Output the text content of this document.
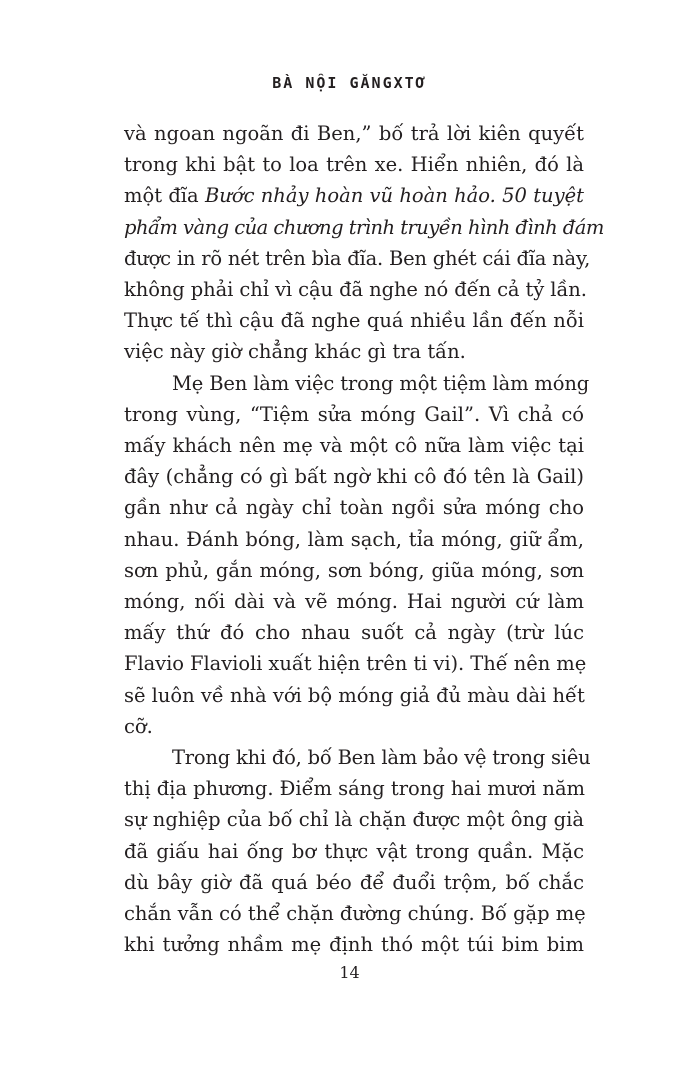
BÀ NỘI GĂNGXTƠ
và ngoan ngoãn đi Ben,” bố trả lời kiên quyết
trong khi bật to loa trên xe. Hiển nhiên, đó là
một đĩa Bước nhảy hoàn vũ hoàn hảo. 50 tuyệt
phẩm vàng của chương trình truyền hình đình đám
được in rõ nét trên bìa đĩa. Ben ghét cái đĩa này,
không phải chỉ vì cậu đã nghe nó đến cả tỷ lần.
Thực tế thì cậu đã nghe quá nhiều lần đến nỗi
việc này giờ chẳng khác gì tra tấn.
Mẹ Ben làm việc trong một tiệm làm móng
trong vùng, “Tiệm sửa móng Gail”. Vì chả có
mấy khách nên mẹ và một cô nữa làm việc tại
đây (chẳng có gì bất ngờ khi cô đó tên là Gail)
gần như cả ngày chỉ toàn ngồi sửa móng cho
nhau. Đánh bóng, làm sạch, tỉa móng, giữ ẩm,
sơn phủ, gắn móng, sơn bóng, giũa móng, sơn
móng, nối dài và vẽ móng. Hai người cứ làm
mấy thứ đó cho nhau suốt cả ngày (trừ lúc
Flavio Flavioli xuất hiện trên ti vi). Thế nên mẹ
sẽ luôn về nhà với bộ móng giả đủ màu dài hết
cỡ.
Trong khi đó, bố Ben làm bảo vệ trong siêu
thị địa phương. Điểm sáng trong hai mươi năm
sự nghiệp của bố chỉ là chặn được một ông già
đã giấu hai ống bơ thực vật trong quần. Mặc
dù bây giờ đã quá béo để đuổi trộm, bố chắc
chắn vẫn có thể chặn đường chúng. Bố gặp mẹ
khi tưởng nhầm mẹ định thó một túi bim bim
14
